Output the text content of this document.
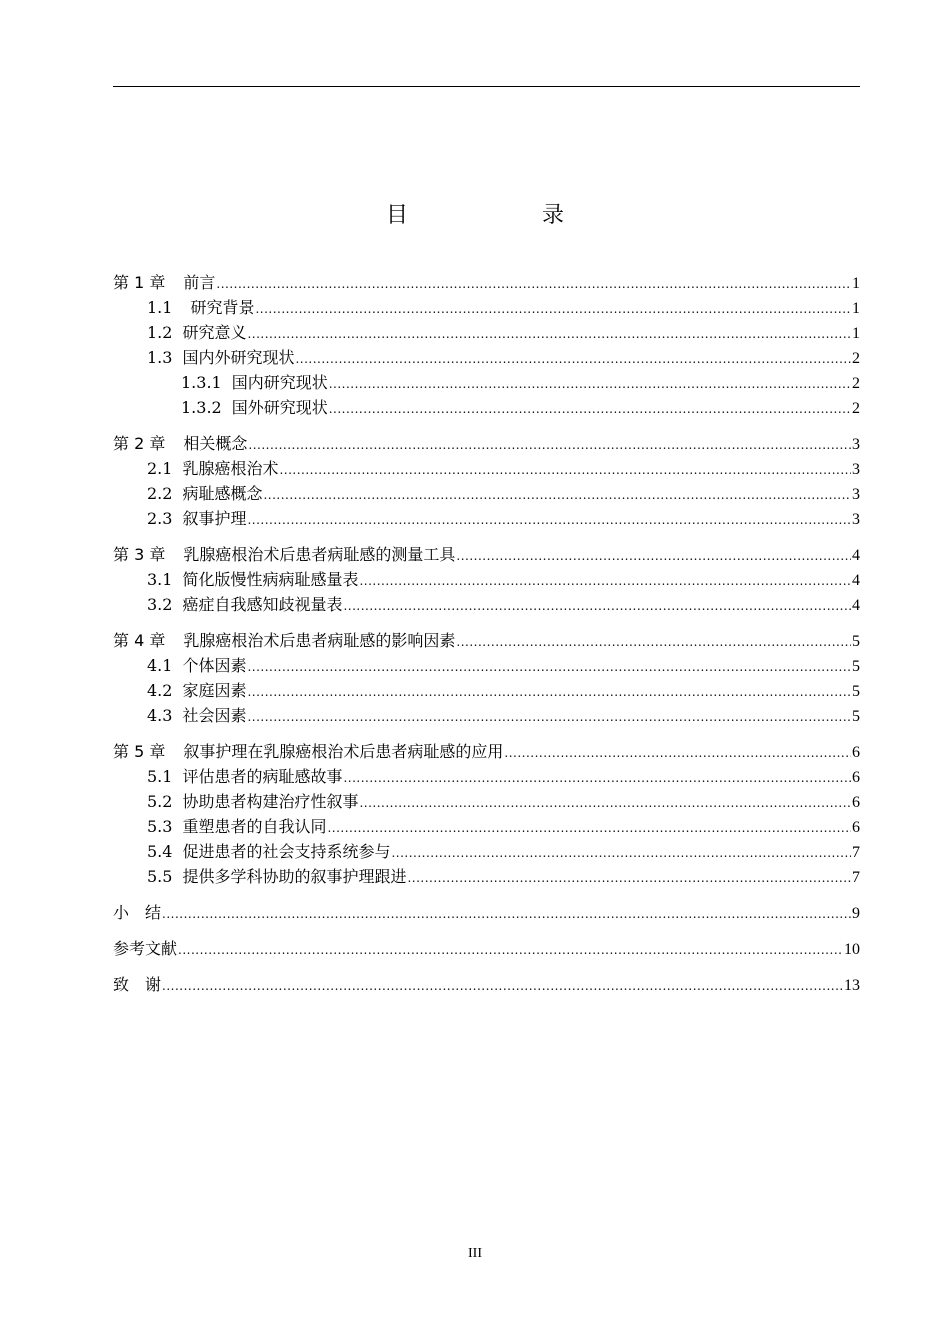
目　　录
第 1 章 前言 .....	1
1.1 研究背景 .....	1
1.2 研究意义 .....	1
1.3 国内外研究现状 .....	2
1.3.1 国内研究现状 .....	2
1.3.2 国外研究现状 .....	2
第 2 章 相关概念 .....	3
2.1 乳腺癌根治术 .....	3
2.2 病耻感概念 .....	3
2.3 叙事护理 .....	3
第 3 章 乳腺癌根治术后患者病耻感的测量工具 .....	4
3.1 简化版慢性病病耻感量表 .....	4
3.2 癌症自我感知歧视量表 .....	4
第 4 章 乳腺癌根治术后患者病耻感的影响因素 .....	5
4.1 个体因素 .....	5
4.2 家庭因素 .....	5
4.3 社会因素 .....	5
第 5 章 叙事护理在乳腺癌根治术后患者病耻感的应用 .....	6
5.1 评估患者的病耻感故事 .....	6
5.2 协助患者构建治疗性叙事 .....	6
5.3 重塑患者的自我认同 .....	6
5.4 促进患者的社会支持系统参与 .....	7
5.5 提供多学科协助的叙事护理跟进 .....	7
小　结 .....	9
参考文献 .....	10
致　谢 .....	13
III
